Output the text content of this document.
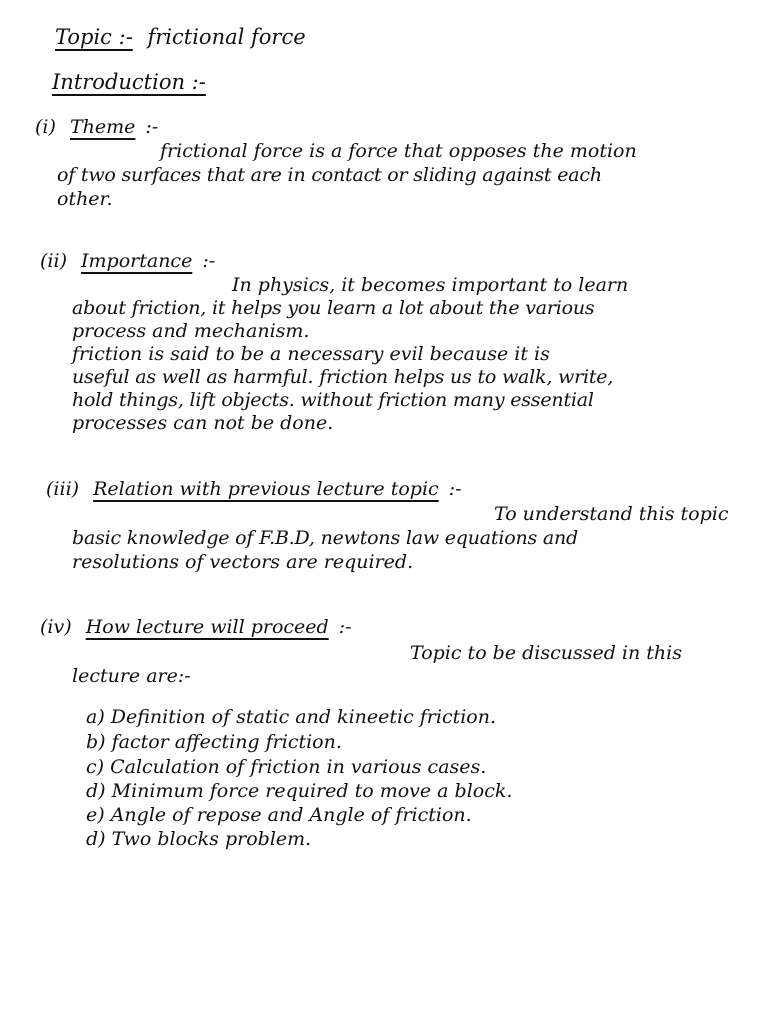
Topic :- frictional force
Introduction :-
(i) Theme :-
frictional force is a force that opposes the motion
of two surfaces that are in contact or sliding against each
other.
(ii) Importance :-
In physics, it becomes important to learn
about friction, it helps you learn a lot about the various
process and mechanism.
friction is said to be a necessary evil because it is
useful as well as harmful. friction helps us to walk, write,
hold things, lift objects. without friction many essential
processes can not be done.
(iii) Relation with previous lecture topic :-
To understand this topic
basic knowledge of F.B.D, newtons law equations and
resolutions of vectors are required.
(iv) How lecture will proceed :-
Topic to be discussed in this
lecture are:-
a) Definition of static and kineetic friction.
b) factor affecting friction.
c) Calculation of friction in various cases.
d) Minimum force required to move a block.
e) Angle of repose and Angle of friction.
d) Two blocks problem.
